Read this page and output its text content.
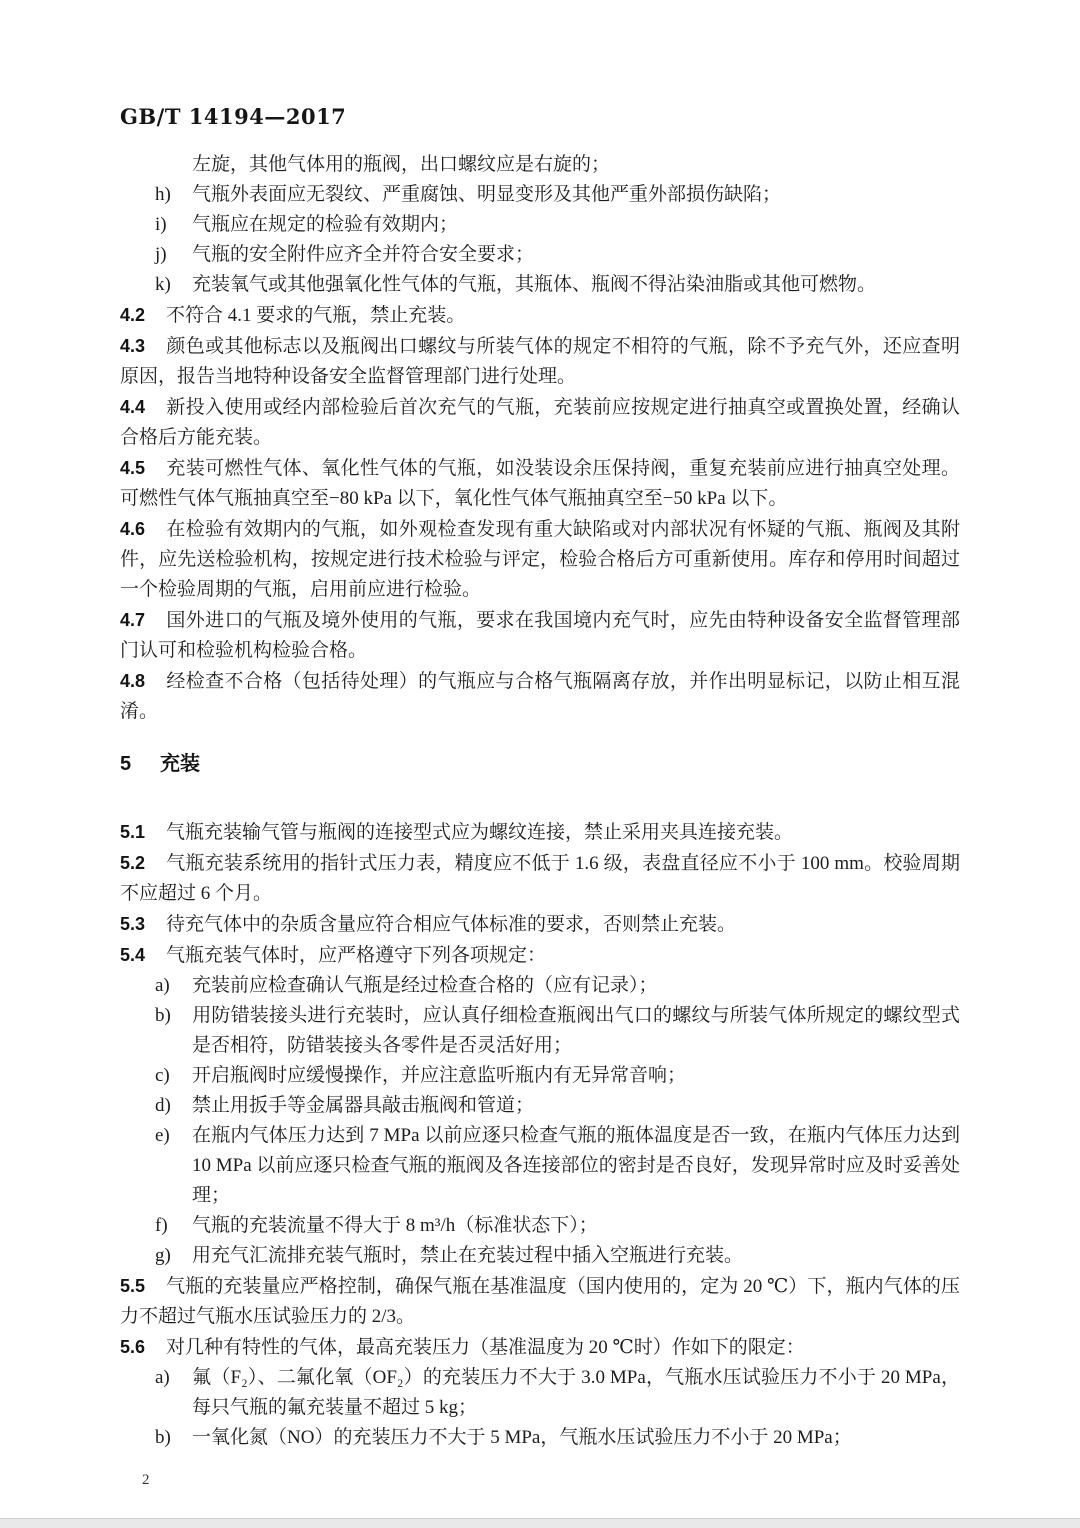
GB/T 14194—2017

左旋，其他气体用的瓶阀，出口螺纹应是右旋的；

h) 气瓶外表面应无裂纹、严重腐蚀、明显变形及其他严重外部损伤缺陷；

i) 气瓶应在规定的检验有效期内；

j) 气瓶的安全附件应齐全并符合安全要求；

k) 充装氧气或其他强氧化性气体的气瓶，其瓶体、瓶阀不得沾染油脂或其他可燃物。

4.2 不符合 4.1 要求的气瓶，禁止充装。

4.3 颜色或其他标志以及瓶阀出口螺纹与所装气体的规定不相符的气瓶，除不予充气外，还应查明原因，报告当地特种设备安全监督管理部门进行处理。

4.4 新投入使用或经内部检验后首次充气的气瓶，充装前应按规定进行抽真空或置换处置，经确认合格后方能充装。

4.5 充装可燃性气体、氧化性气体的气瓶，如没装设余压保持阀，重复充装前应进行抽真空处理。可燃性气体气瓶抽真空至−80 kPa 以下，氧化性气体气瓶抽真空至−50 kPa 以下。

4.6 在检验有效期内的气瓶，如外观检查发现有重大缺陷或对内部状况有怀疑的气瓶、瓶阀及其附件，应先送检验机构，按规定进行技术检验与评定，检验合格后方可重新使用。库存和停用时间超过一个检验周期的气瓶，启用前应进行检验。

4.7 国外进口的气瓶及境外使用的气瓶，要求在我国境内充气时，应先由特种设备安全监督管理部门认可和检验机构检验合格。

4.8 经检查不合格（包括待处理）的气瓶应与合格气瓶隔离存放，并作出明显标记，以防止相互混淆。

5 充装

5.1 气瓶充装输气管与瓶阀的连接型式应为螺纹连接，禁止采用夹具连接充装。

5.2 气瓶充装系统用的指针式压力表，精度应不低于 1.6 级，表盘直径应不小于 100 mm。校验周期不应超过 6 个月。

5.3 待充气体中的杂质含量应符合相应气体标准的要求，否则禁止充装。

5.4 气瓶充装气体时，应严格遵守下列各项规定：

a) 充装前应检查确认气瓶是经过检查合格的（应有记录）；

b) 用防错装接头进行充装时，应认真仔细检查瓶阀出气口的螺纹与所装气体所规定的螺纹型式是否相符，防错装接头各零件是否灵活好用；

c) 开启瓶阀时应缓慢操作，并应注意监听瓶内有无异常音响；

d) 禁止用扳手等金属器具敲击瓶阀和管道；

e) 在瓶内气体压力达到 7 MPa 以前应逐只检查气瓶的瓶体温度是否一致，在瓶内气体压力达到 10 MPa 以前应逐只检查气瓶的瓶阀及各连接部位的密封是否良好，发现异常时应及时妥善处理；

f) 气瓶的充装流量不得大于 8 m³/h（标准状态下）；

g) 用充气汇流排充装气瓶时，禁止在充装过程中插入空瓶进行充装。

5.5 气瓶的充装量应严格控制，确保气瓶在基准温度（国内使用的，定为 20 ℃）下，瓶内气体的压力不超过气瓶水压试验压力的 2/3。

5.6 对几种有特性的气体，最高充装压力（基准温度为 20 ℃时）作如下的限定：

a) 氟（F₂）、二氟化氧（OF₂）的充装压力不大于 3.0 MPa，气瓶水压试验压力不小于 20 MPa，每只气瓶的氟充装量不超过 5 kg；

b) 一氧化氮（NO）的充装压力不大于 5 MPa，气瓶水压试验压力不小于 20 MPa；

2
